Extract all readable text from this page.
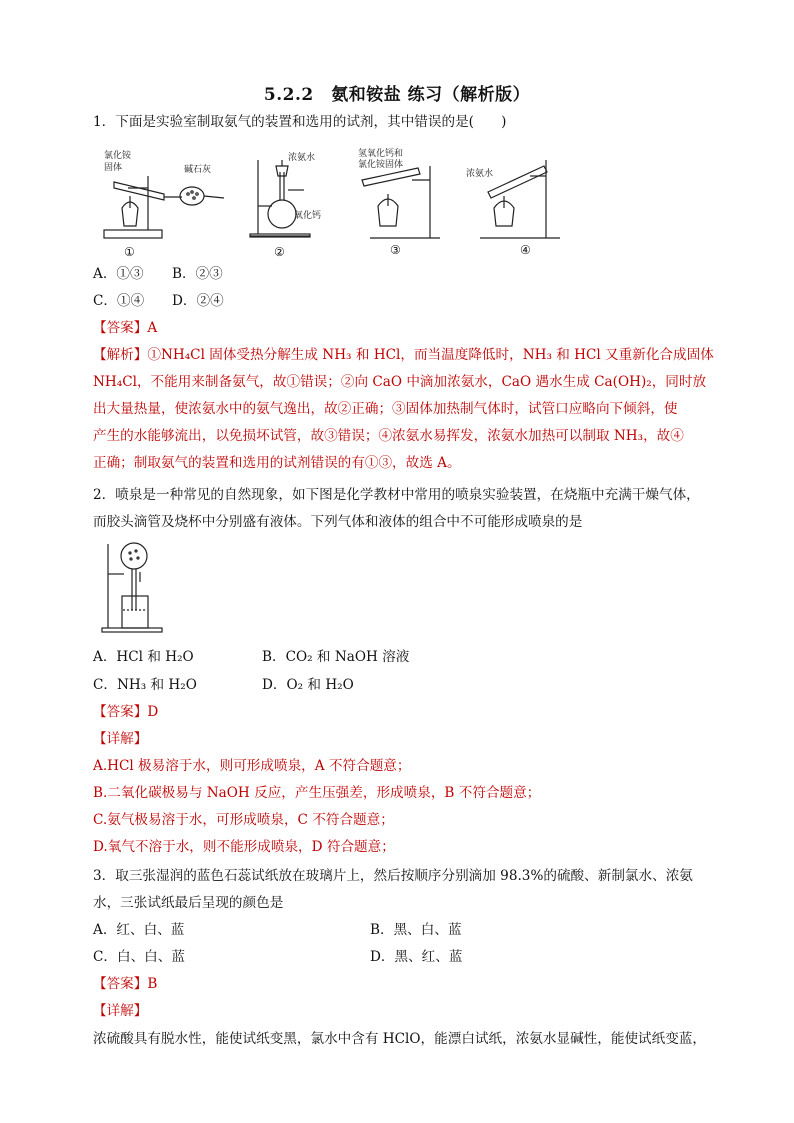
5.2.2　氨和铵盐 练习（解析版）
1．下面是实验室制取氨气的装置和选用的试剂，其中错误的是(　　)
氯化铵
固体	碱石灰
浓氨水
氧化钙
氢氧化钙和
氯化铵固体
浓氨水
①	②	③	④
A．①③ B．②③
C．①④ D．②④
【答案】A
【解析】①NH₄Cl 固体受热分解生成 NH₃ 和 HCl，而当温度降低时，NH₃ 和 HCl 又重新化合成固体
NH₄Cl，不能用来制备氨气，故①错误；②向 CaO 中滴加浓氨水，CaO 遇水生成 Ca(OH)₂，同时放
出大量热量，使浓氨水中的氨气逸出，故②正确；③固体加热制气体时，试管口应略向下倾斜，使
产生的水能够流出，以免损坏试管，故③错误；④浓氨水易挥发，浓氨水加热可以制取 NH₃，故④
正确；制取氨气的装置和选用的试剂错误的有①③，故选 A。
2．喷泉是一种常见的自然现象，如下图是化学教材中常用的喷泉实验装置，在烧瓶中充满干燥气体，
而胶头滴管及烧杯中分别盛有液体。下列气体和液体的组合中不可能形成喷泉的是
A．HCl 和 H₂O	B．CO₂ 和 NaOH 溶液
C．NH₃ 和 H₂O	D．O₂ 和 H₂O
【答案】D
【详解】
A.HCl 极易溶于水，则可形成喷泉，A 不符合题意；
B.二氧化碳极易与 NaOH 反应，产生压强差，形成喷泉，B 不符合题意；
C.氨气极易溶于水，可形成喷泉，C 不符合题意；
D.氧气不溶于水，则不能形成喷泉，D 符合题意；
3．取三张湿润的蓝色石蕊试纸放在玻璃片上，然后按顺序分别滴加 98.3%的硫酸、新制氯水、浓氨
水，三张试纸最后呈现的颜色是
A．红、白、蓝	B．黑、白、蓝
C．白、白、蓝	D．黑、红、蓝
【答案】B
【详解】
浓硫酸具有脱水性，能使试纸变黑，氯水中含有 HClO，能漂白试纸，浓氨水显碱性，能使试纸变蓝，
